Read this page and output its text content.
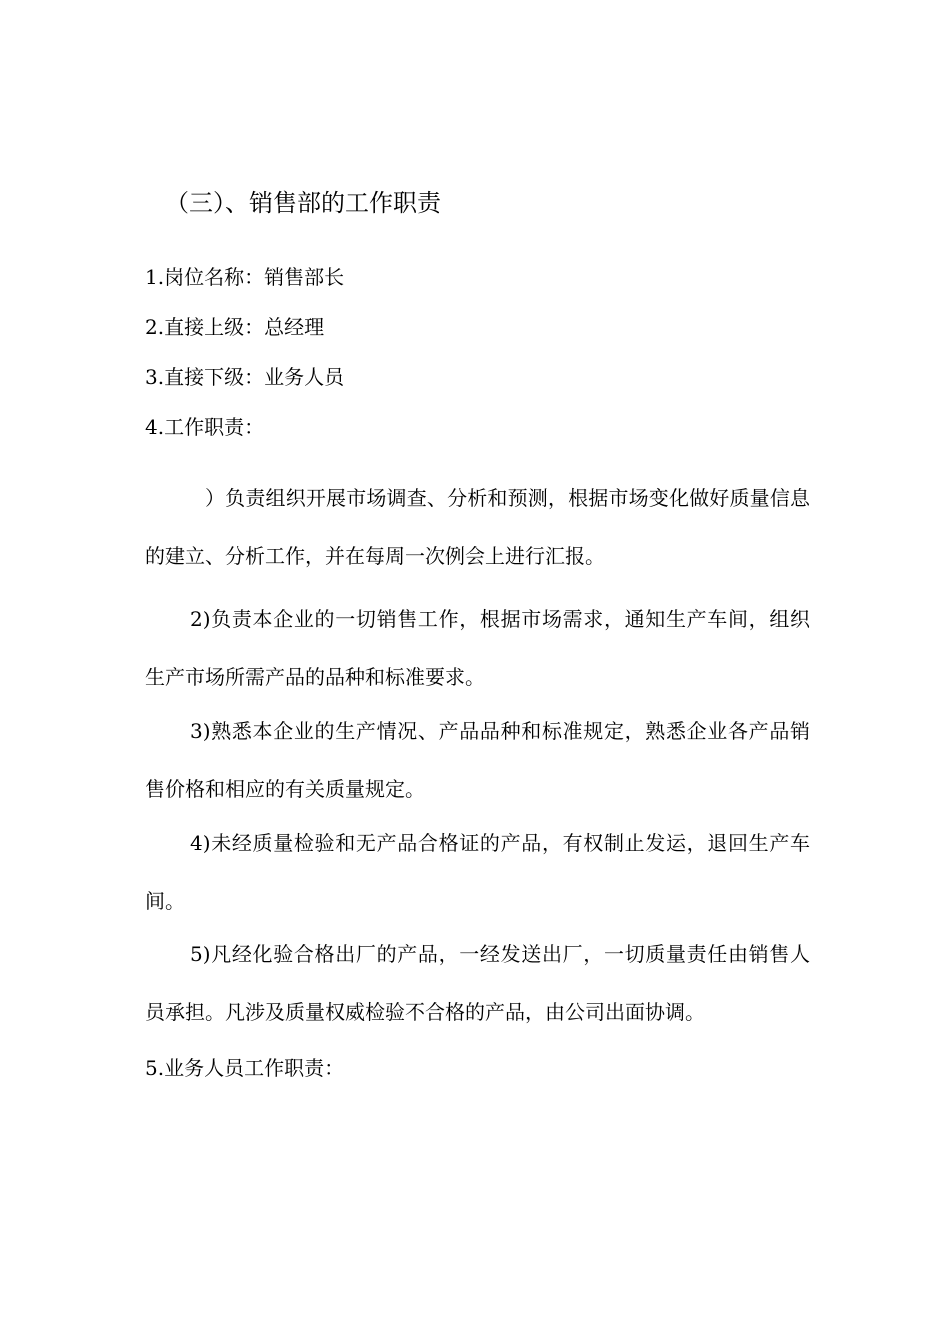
（三）、销售部的工作职责
1.岗位名称：销售部长
2.直接上级：总经理
3.直接下级：业务人员
4.工作职责：

）负责组织开展市场调查、分析和预测，根据市场变化做好质量信息的建立、分析工作，并在每周一次例会上进行汇报。

2)负责本企业的一切销售工作，根据市场需求，通知生产车间，组织生产市场所需产品的品种和标准要求。

3)熟悉本企业的生产情况、产品品种和标准规定，熟悉企业各产品销售价格和相应的有关质量规定。

4)未经质量检验和无产品合格证的产品，有权制止发运，退回生产车间。

5)凡经化验合格出厂的产品，一经发送出厂，一切质量责任由销售人员承担。凡涉及质量权威检验不合格的产品，由公司出面协调。

5.业务人员工作职责：
